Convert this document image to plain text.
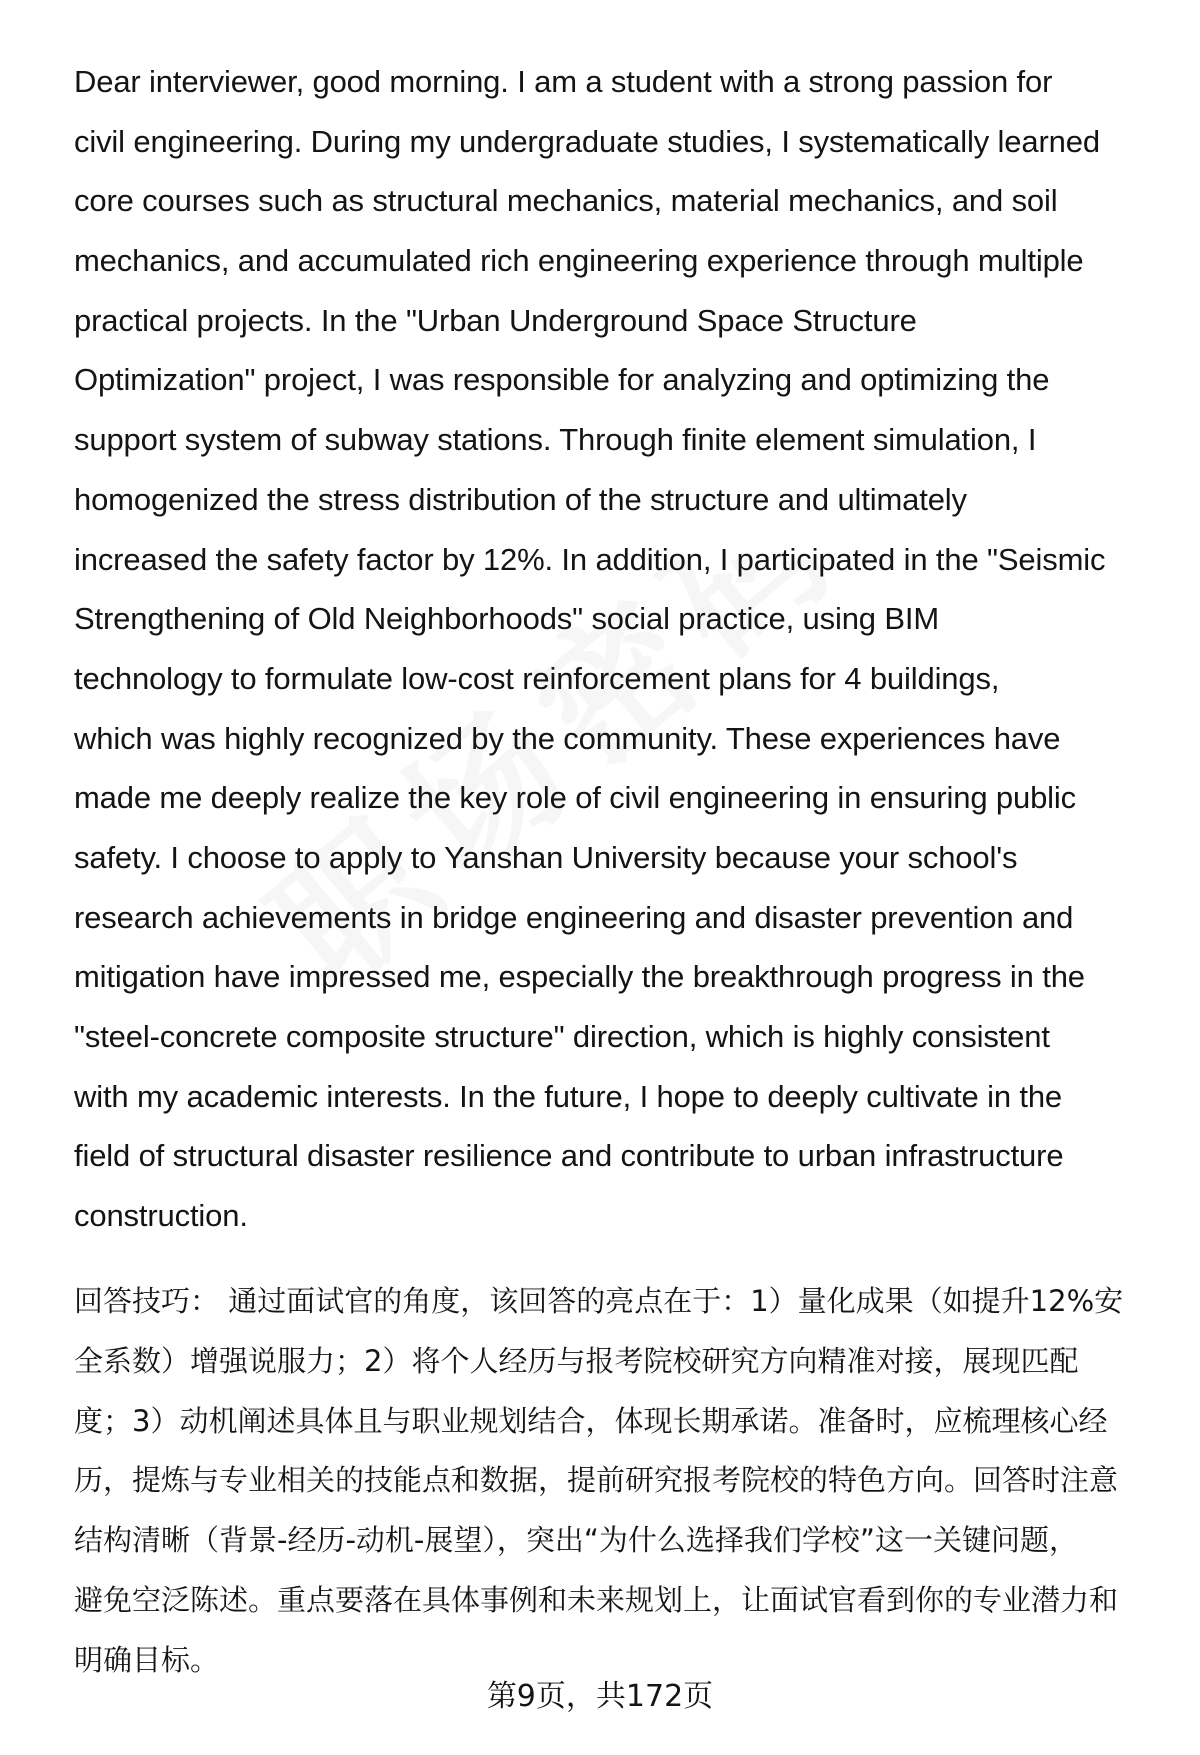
Dear interviewer, good morning. I am a student with a strong passion for
civil engineering. During my undergraduate studies, I systematically learned
core courses such as structural mechanics, material mechanics, and soil
mechanics, and accumulated rich engineering experience through multiple
practical projects. In the "Urban Underground Space Structure
Optimization" project, I was responsible for analyzing and optimizing the
support system of subway stations. Through finite element simulation, I
homogenized the stress distribution of the structure and ultimately
increased the safety factor by 12%. In addition, I participated in the "Seismic
Strengthening of Old Neighborhoods" social practice, using BIM
technology to formulate low-cost reinforcement plans for 4 buildings,
which was highly recognized by the community. These experiences have
made me deeply realize the key role of civil engineering in ensuring public
safety. I choose to apply to Yanshan University because your school's
research achievements in bridge engineering and disaster prevention and
mitigation have impressed me, especially the breakthrough progress in the
"steel-concrete composite structure" direction, which is highly consistent
with my academic interests. In the future, I hope to deeply cultivate in the
field of structural disaster resilience and contribute to urban infrastructure
construction.
回答技巧： 通过面试官的角度，该回答的亮点在于：1）量化成果（如提升12%安
全系数）增强说服力；2）将个人经历与报考院校研究方向精准对接，展现匹配
度；3）动机阐述具体且与职业规划结合，体现长期承诺。准备时，应梳理核心经
历，提炼与专业相关的技能点和数据，提前研究报考院校的特色方向。回答时注意
结构清晰（背景-经历-动机-展望），突出“为什么选择我们学校”这一关键问题，
避免空泛陈述。重点要落在具体事例和未来规划上，让面试官看到你的专业潜力和
明确目标。
第9页，共172页
